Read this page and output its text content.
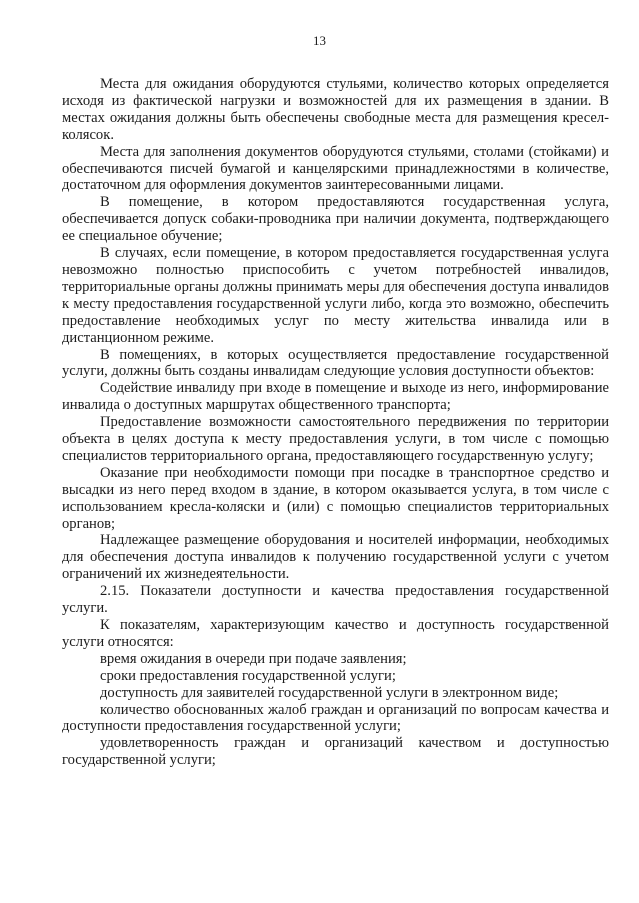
13

Места для ожидания оборудуются стульями, количество которых определяется исходя из фактической нагрузки и возможностей для их размещения в здании. В местах ожидания должны быть обеспечены свободные места для размещения кресел-колясок.

Места для заполнения документов оборудуются стульями, столами (стойками) и обеспечиваются писчей бумагой и канцелярскими принадлежностями в количестве, достаточном для оформления документов заинтересованными лицами.

В помещение, в котором предоставляются государственная услуга, обеспечивается допуск собаки-проводника при наличии документа, подтверждающего ее специальное обучение;

В случаях, если помещение, в котором предоставляется государственная услуга невозможно полностью приспособить с учетом потребностей инвалидов, территориальные органы должны принимать меры для обеспечения доступа инвалидов к месту предоставления государственной услуги либо, когда это возможно, обеспечить предоставление необходимых услуг по месту жительства инвалида или в дистанционном режиме.

В помещениях, в которых осуществляется предоставление государственной услуги, должны быть созданы инвалидам следующие условия доступности объектов:

Содействие инвалиду при входе в помещение и выходе из него, информирование инвалида о доступных маршрутах общественного транспорта;

Предоставление возможности самостоятельного передвижения по территории объекта в целях доступа к месту предоставления услуги, в том числе с помощью специалистов территориального органа, предоставляющего государственную услугу;

Оказание при необходимости помощи при посадке в транспортное средство и высадки из него перед входом в здание, в котором оказывается услуга, в том числе с использованием кресла-коляски и (или) с помощью специалистов территориальных органов;

Надлежащее размещение оборудования и носителей информации, необходимых для обеспечения доступа инвалидов к получению государственной услуги с учетом ограничений их жизнедеятельности.

2.15. Показатели доступности и качества предоставления государственной услуги.

К показателям, характеризующим качество и доступность государственной услуги относятся:

время ожидания в очереди при подаче заявления;

сроки предоставления государственной услуги;

доступность для заявителей государственной услуги в электронном виде;

количество обоснованных жалоб граждан и организаций по вопросам качества и доступности предоставления государственной услуги;

удовлетворенность граждан и организаций качеством и доступностью государственной услуги;
